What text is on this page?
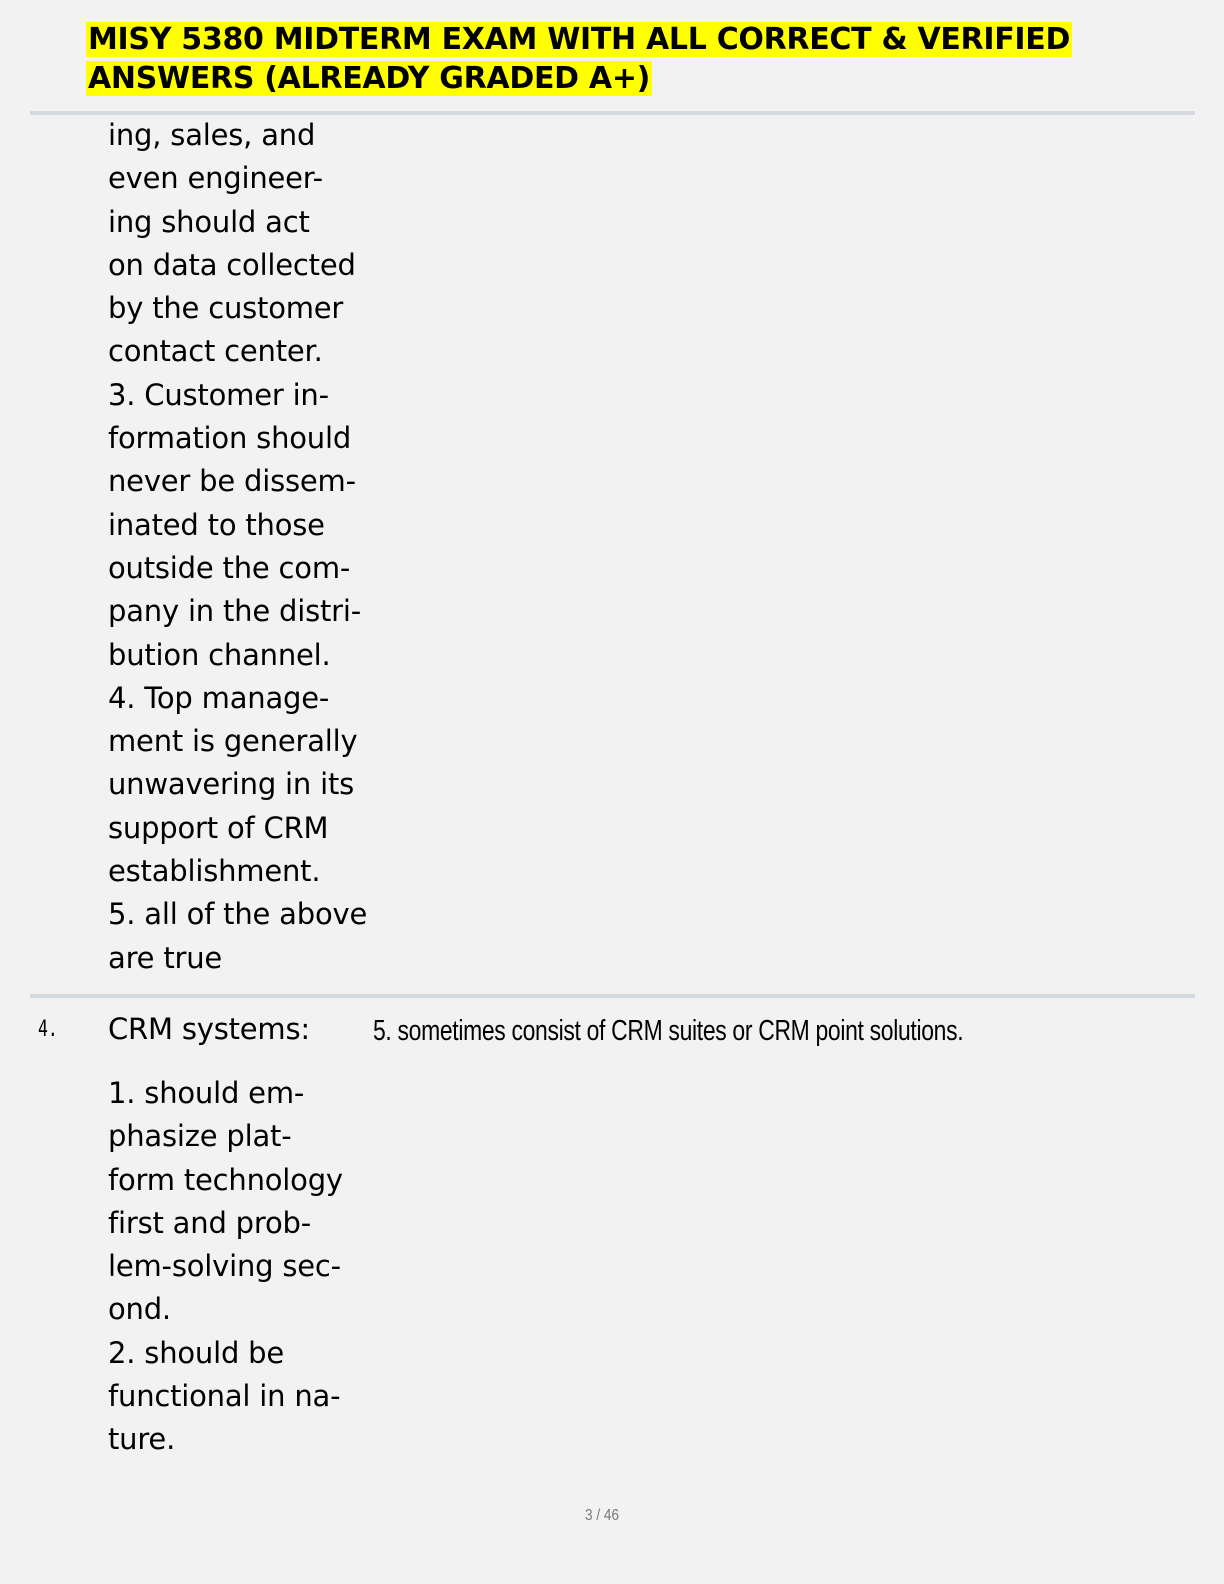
MISY 5380 MIDTERM EXAM WITH ALL CORRECT & VERIFIED
ANSWERS (ALREADY GRADED A+)
ing, sales, and
even engineer-
ing should act
on data collected
by the customer
contact center.
3. Customer in-
formation should
never be dissem-
inated to those
outside the com-
pany in the distri-
bution channel.
4. Top manage-
ment is generally
unwavering in its
support of CRM
establishment.
5. all of the above
are true
4. CRM systems: 5. sometimes consist of CRM suites or CRM point solutions.
1. should em-
phasize plat-
form technology
first and prob-
lem-solving sec-
ond.
2. should be
functional in na-
ture.
3 / 46
